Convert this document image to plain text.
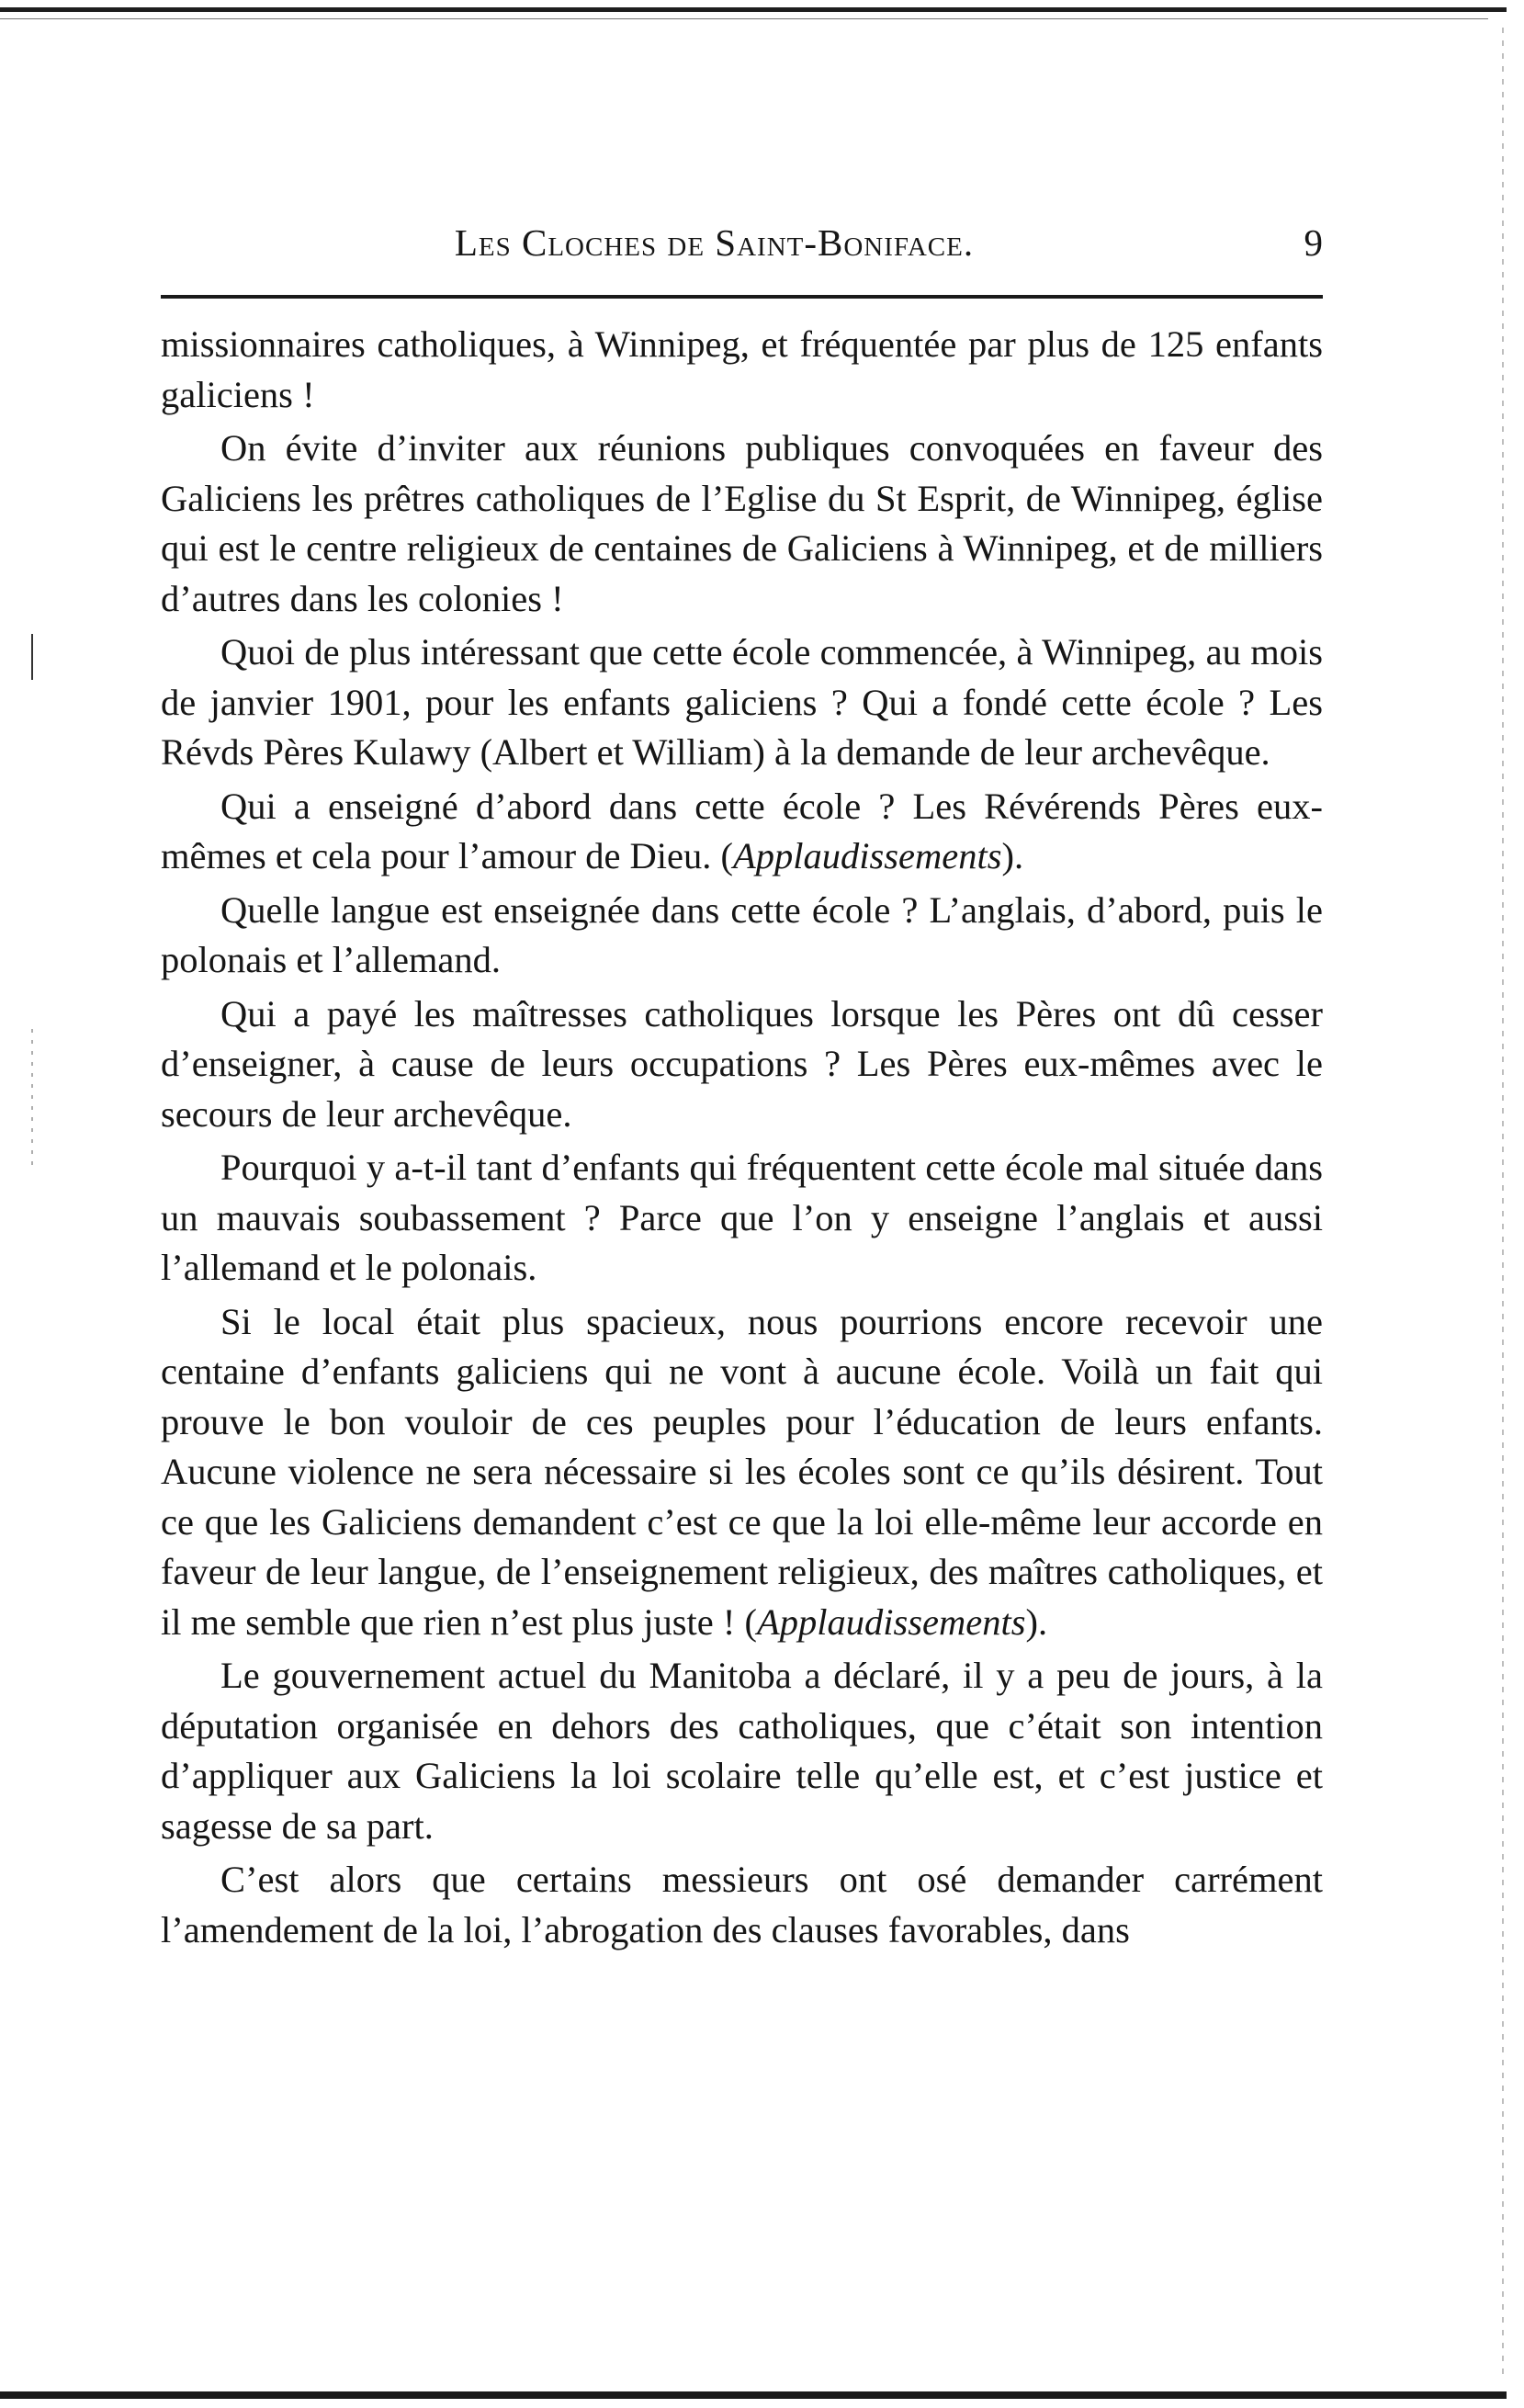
Les Cloches de Saint-Boniface.	9

missionnaires catholiques, à Winnipeg, et fréquentée par plus de 125 enfants galiciens !

On évite d’inviter aux réunions publiques convoquées en faveur des Galiciens les prêtres catholiques de l’Eglise du St Esprit, de Winnipeg, église qui est le centre religieux de centaines de Galiciens à Winnipeg, et de milliers d’autres dans les colonies !

Quoi de plus intéressant que cette école commencée, à Winnipeg, au mois de janvier 1901, pour les enfants galiciens ? Qui a fondé cette école ? Les Révds Pères Kulawy (Albert et William) à la demande de leur archevêque.

Qui a enseigné d’abord dans cette école ? Les Révérends Pères eux-mêmes et cela pour l’amour de Dieu. (Applaudissements).

Quelle langue est enseignée dans cette école ? L’anglais, d’abord, puis le polonais et l’allemand.

Qui a payé les maîtresses catholiques lorsque les Pères ont dû cesser d’enseigner, à cause de leurs occupations ? Les Pères eux-mêmes avec le secours de leur archevêque.

Pourquoi y a-t-il tant d’enfants qui fréquentent cette école mal située dans un mauvais soubassement ? Parce que l’on y enseigne l’anglais et aussi l’allemand et le polonais.

Si le local était plus spacieux, nous pourrions encore recevoir une centaine d’enfants galiciens qui ne vont à aucune école. Voilà un fait qui prouve le bon vouloir de ces peuples pour l’éducation de leurs enfants. Aucune violence ne sera nécessaire si les écoles sont ce qu’ils désirent. Tout ce que les Galiciens demandent c’est ce que la loi elle-même leur accorde en faveur de leur langue, de l’enseignement religieux, des maîtres catholiques, et il me semble que rien n’est plus juste ! (Applaudissements).

Le gouvernement actuel du Manitoba a déclaré, il y a peu de jours, à la députation organisée en dehors des catholiques, que c’était son intention d’appliquer aux Galiciens la loi scolaire telle qu’elle est, et c’est justice et sagesse de sa part.

C’est alors que certains messieurs ont osé demander carrément l’amendement de la loi, l’abrogation des clauses favorables, dans
